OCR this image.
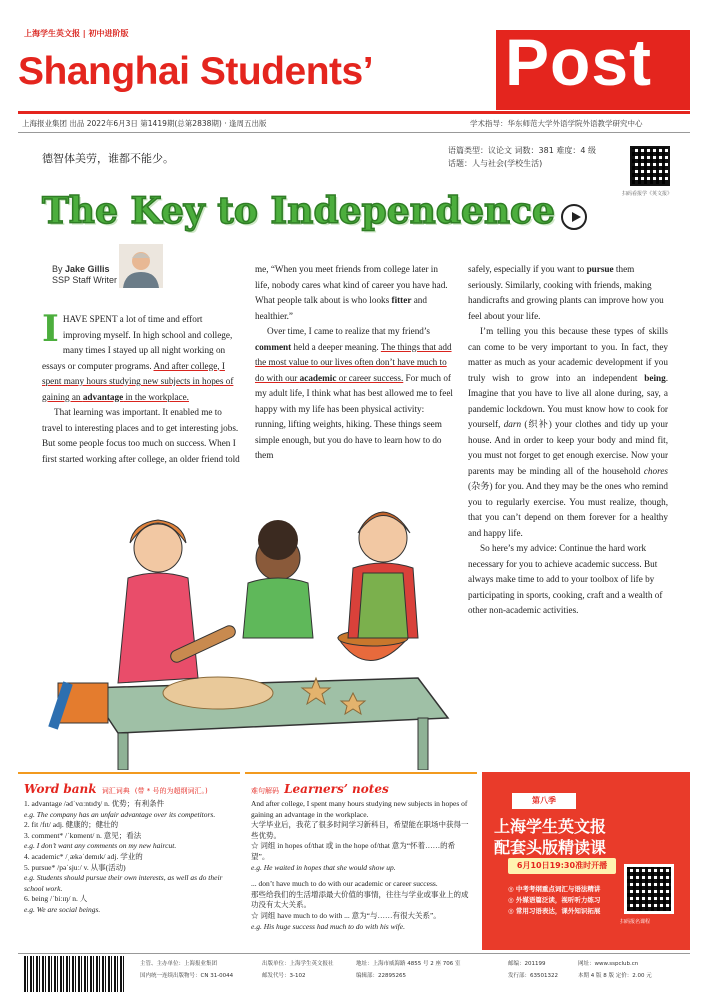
上海学生英文报 | 初中进阶版
Shanghai Students’ Post
上海报业集团 出品 2022年6月3日 第1419期(总第2838期) · 逢周五出版	学术指导：华东师范大学外语学院外语教学研究中心
德智体美劳，谁都不能少。
语篇类型：议论文 词数：381 难度：4 级
话题：人与社会(学校生活)
扫码看报学《英文报》
The Key to Independence
By Jake Gillis
SSP Staff Writer

IHAVE SPENT a lot of time and effort improving myself. In high school and college, many times I stayed up all night working on essays or computer programs. And after college, I spent many hours studying new subjects in hopes of gaining an advantage in the workplace.

That learning was important. It enabled me to travel to interesting places and to get interesting jobs. But some people focus too much on success. When I first started working after college, an older friend told

me, “When you meet friends from college later in life, nobody cares what kind of career you have had. What people talk about is who looks fitter and healthier.”

Over time, I came to realize that my friend’s comment held a deeper meaning. The things that add the most value to our lives often don’t have much to do with our academic or career success. For much of my adult life, I think what has best allowed me to feel happy with my life has been physical activity: running, lifting weights, hiking. These things seem simple enough, but you do have to learn how to do them

safely, especially if you want to pursue them seriously. Similarly, cooking with friends, making handicrafts and growing plants can improve how you feel about your life.

I’m telling you this because these types of skills can come to be very important to you. In fact, they matter as much as your academic development if you truly wish to grow into an independent being. Imagine that you have to live all alone during, say, a pandemic lockdown. You must know how to cook for yourself, darn (织补) your clothes and tidy up your house. And in order to keep your body and mind fit, you must not forget to get enough exercise. Now your parents may be minding all of the household chores (杂务) for you. And they may be the ones who remind you to regularly exercise. You must realize, though, that you can’t depend on them forever for a healthy and happy life.

So here’s my advice: Continue the hard work necessary for you to achieve academic success. But always make time to add to your toolbox of life by participating in sports, cooking, craft and a wealth of other non-academic activities.

Word bank 词汇词典 (带 * 号的为超纲词汇。)
1. advantage /ədˈvɑːntɪdʒ/ n. 优势；有利条件
e.g. The company has an unfair advantage over its competitors.
2. fit /fɪt/ adj. 健康的；健壮的
3. comment* /ˈkɒment/ n. 意见；看法
e.g. I don’t want any comments on my new haircut.
4. academic* /ˌækəˈdemɪk/ adj. 学业的
5. pursue* /pəˈsjuː/ v. 从事(活动)
e.g. Students should pursue their own interests, as well as do their school work.
6. being /ˈbiːɪŋ/ n. 人
e.g. We are social beings.
难句解码 Learners’ notes
And after college, I spent many hours studying new subjects in hopes of gaining an advantage in the workplace.
大学毕业后，我花了很多时间学习新科目，希望能在职场中获得一些优势。
☆ 词组 in hopes of/that 或 in the hope of/that 意为“怀着……的希望”。
e.g. He waited in hopes that she would show up.
... don’t have much to do with our academic or career success.
那些给我们的生活增添最大价值的事情，往往与学业或事业上的成功没有太大关系。
☆ 词组 have much to do with ... 意为“与……有很大关系”。
e.g. His huge success had much to do with his wife.
第八季
上海学生英文报
配套头版精读课
6月10日19:30准时开播
◎ 中考考纲重点词汇与语法精讲
◎ 外媒语篇泛读，视听听力练习
◎ 常用习语表达，课外知识拓展
扫码报名课程
主管、主办单位：上海报业集团
国内统一连续出版物号：CN 31-0044
出版单位：上海学生英文报社
邮发代号：3-102
地址：上海市威海路 4855 号 2 座 706 室
编辑部：22895265
邮编：201199
发行部：63501322
网址：www.sspclub.cn
本期 4 版 8 版 定价：2.00 元
